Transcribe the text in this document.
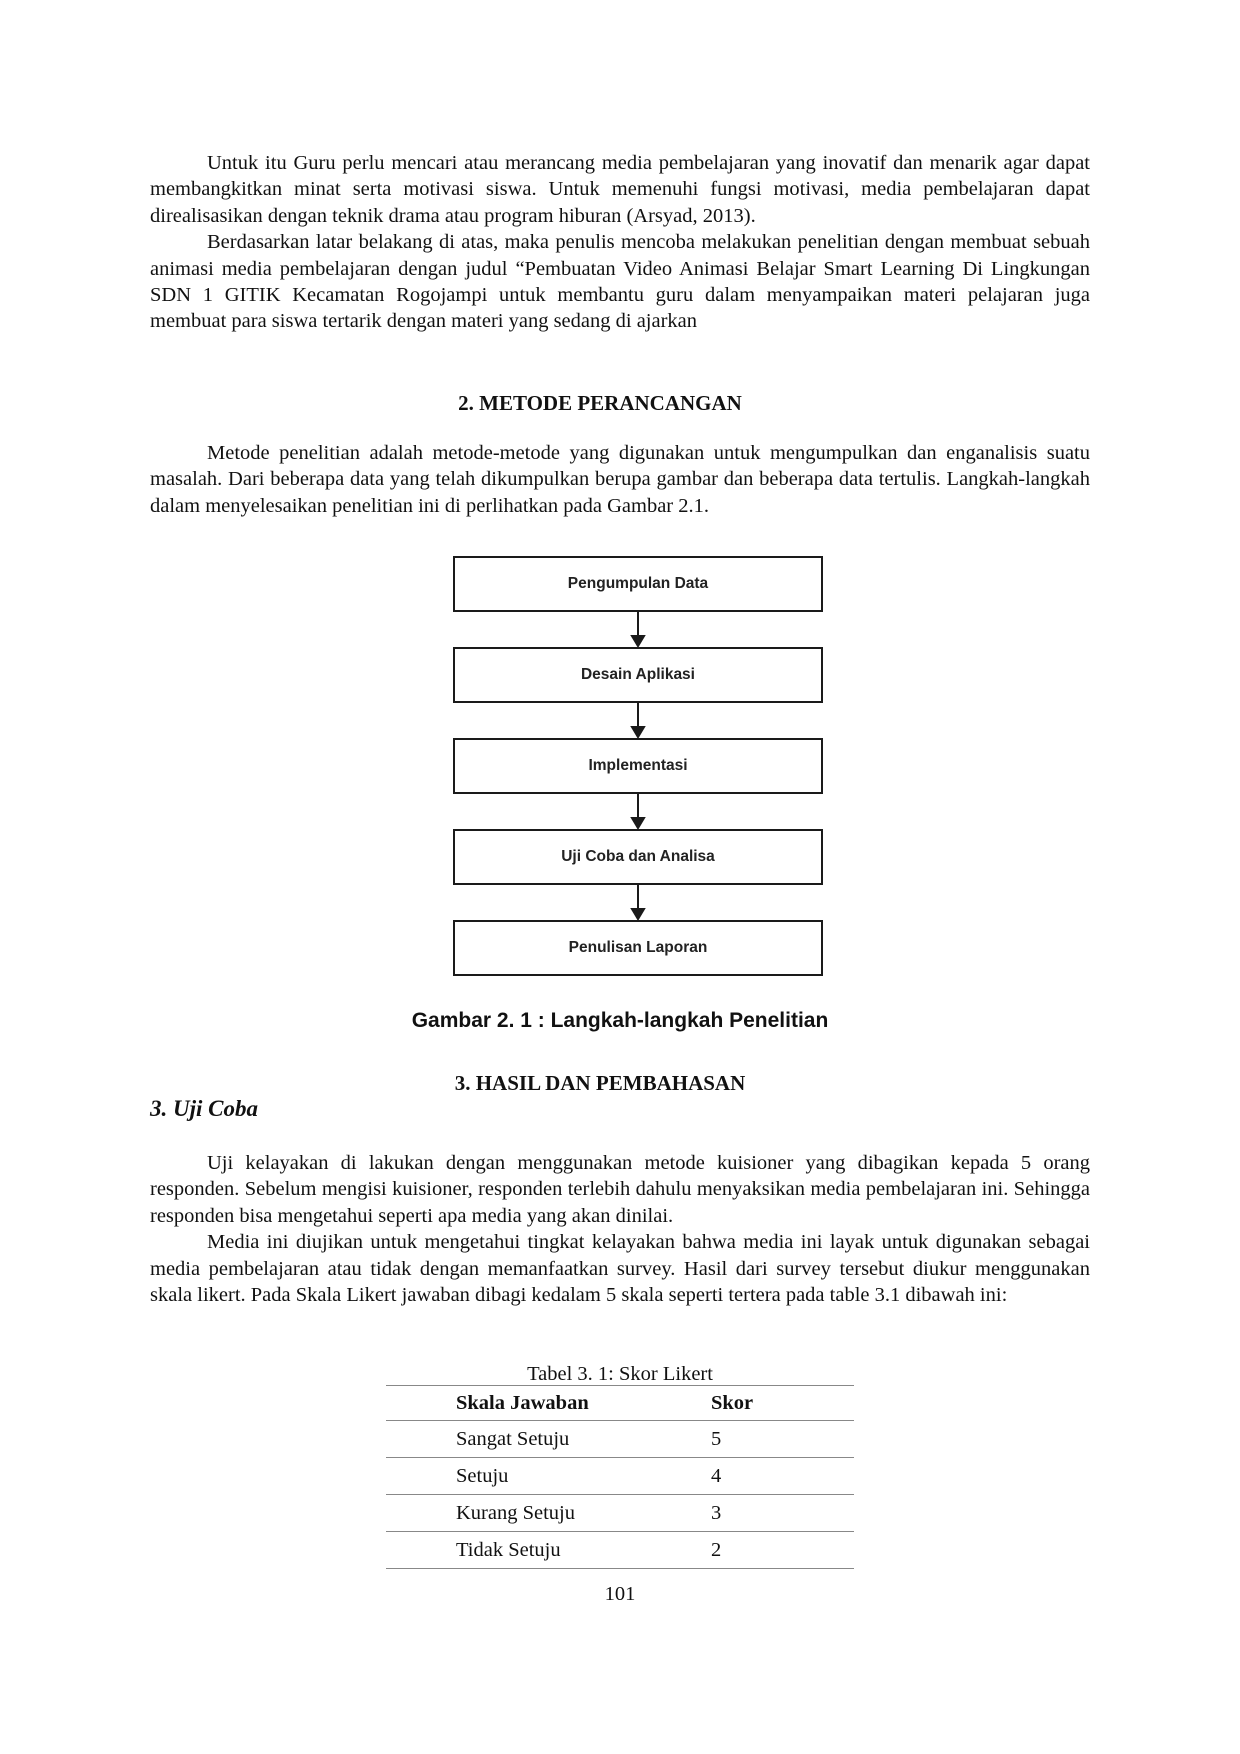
Untuk itu Guru perlu mencari atau merancang media pembelajaran yang inovatif dan menarik agar dapat membangkitkan minat serta motivasi siswa. Untuk memenuhi fungsi motivasi, media pembelajaran dapat direalisasikan dengan teknik drama atau program hiburan (Arsyad, 2013).

Berdasarkan latar belakang di atas, maka penulis mencoba melakukan penelitian dengan membuat sebuah animasi media pembelajaran dengan judul “Pembuatan Video Animasi Belajar Smart Learning Di Lingkungan SDN 1 GITIK Kecamatan Rogojampi untuk membantu guru dalam menyampaikan materi pelajaran juga membuat para siswa tertarik dengan materi yang sedang di ajarkan

2. METODE PERANCANGAN

Metode penelitian adalah metode-metode yang digunakan untuk mengumpulkan dan enganalisis suatu masalah. Dari beberapa data yang telah dikumpulkan berupa gambar dan beberapa data tertulis. Langkah-langkah dalam menyelesaikan penelitian ini di perlihatkan pada Gambar 2.1.

Pengumpulan Data
Desain Aplikasi
Implementasi
Uji Coba dan Analisa
Penulisan Laporan
Gambar 2. 1 : Langkah-langkah Penelitian
3. HASIL DAN PEMBAHASAN
3. Uji Coba

Uji kelayakan di lakukan dengan menggunakan metode kuisioner yang dibagikan kepada 5 orang responden. Sebelum mengisi kuisioner, responden terlebih dahulu menyaksikan media pembelajaran ini. Sehingga responden bisa mengetahui seperti apa media yang akan dinilai.

Media ini diujikan untuk mengetahui tingkat kelayakan bahwa media ini layak untuk digunakan sebagai media pembelajaran atau tidak dengan memanfaatkan survey. Hasil dari survey tersebut diukur menggunakan skala likert. Pada Skala Likert jawaban dibagi kedalam 5 skala seperti tertera pada table 3.1 dibawah ini:

Tabel 3. 1: Skor Likert
Skala Jawaban	Skor
Sangat Setuju	5
Setuju	4
Kurang Setuju	3
Tidak Setuju	2
101
